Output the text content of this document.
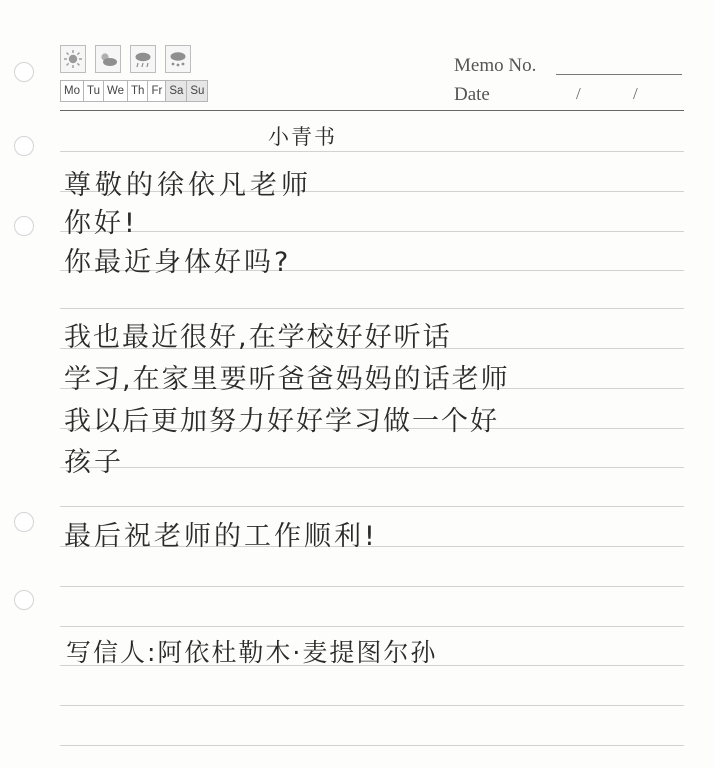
Mo Tu We Th Fr Sa Su
Memo No.
Date	/	/
小青书
尊敬的徐依凡老师
你好!
你最近身体好吗?
我也最近很好,在学校好好听话
学习,在家里要听爸爸妈妈的话老师
我以后更加努力好好学习做一个好
孩子
最后祝老师的工作顺利!
写信人:阿依杜勒木·麦提图尔孙
